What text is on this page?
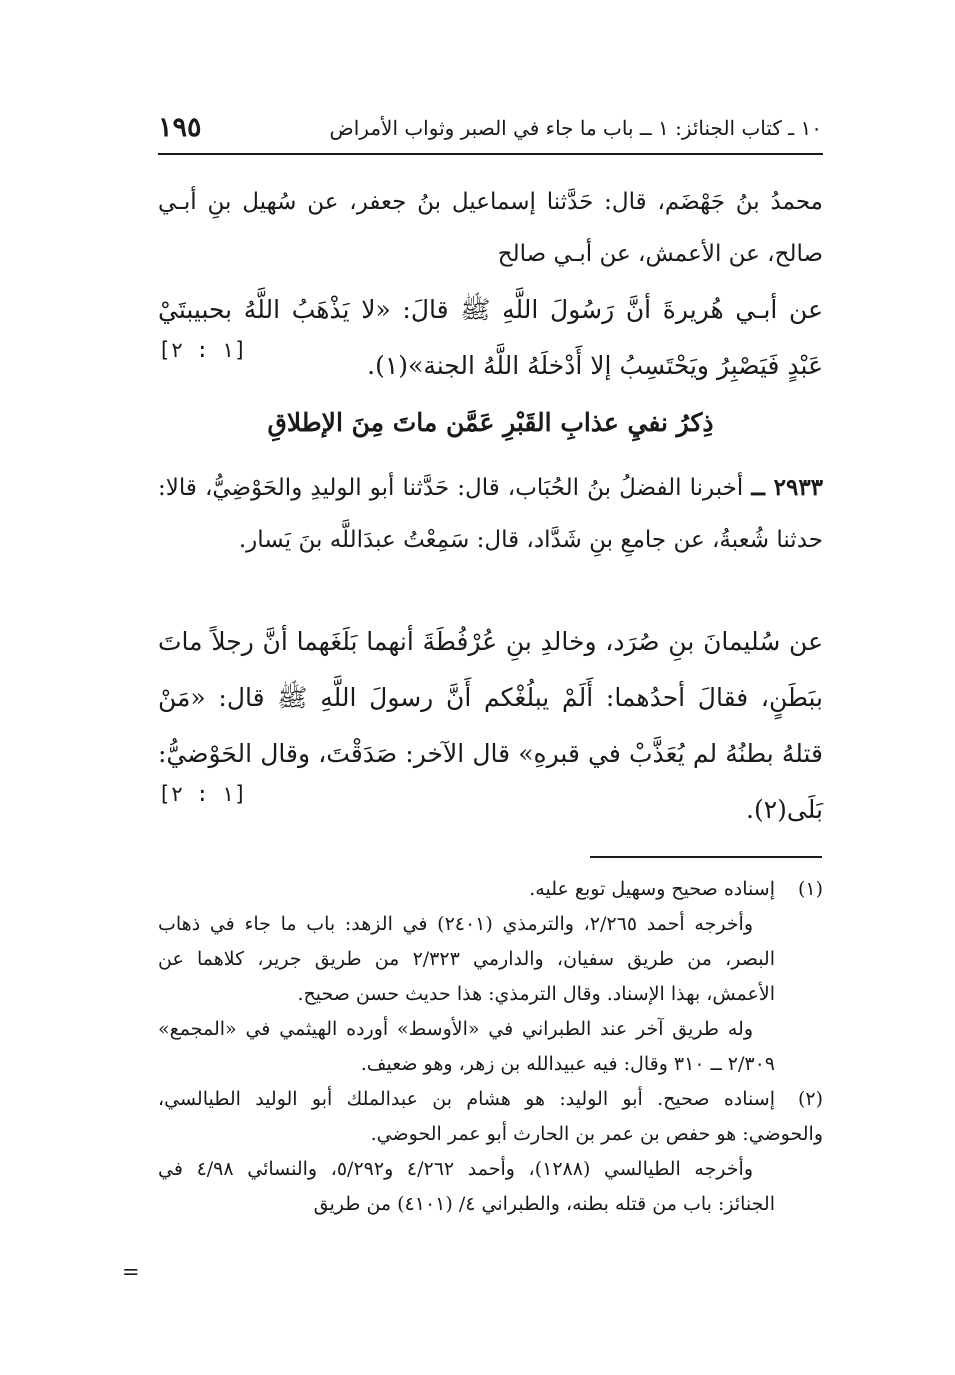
١٩٥	١٠ ـ كتاب الجنائز: ١ ــ باب ما جاء في الصبر وثواب الأمراض

محمدُ بنُ جَهْضَم، قال: حَدَّثنا إسماعيل بنُ جعفر، عن سُهيل بنِ أبـي صالح، عن الأعمش، عن أبـي صالح

عن أبـي هُريرةَ أنَّ رَسُولَ اللَّهِ ﷺ قالَ: «لا يَذْهَبُ اللَّهُ بحبيبتَيْ عَبْدٍ فَيَصْبِرُ ويَحْتَسِبُ إلا أَدْخلَهُ اللَّهُ الجنة»(١).
[١ : ٢]

ذِكرُ نفيِ عذابِ القَبْرِ عَمَّن ماتَ مِنَ الإطلاقِ

٢٩٣٣ ــ أخبرنا الفضلُ بنُ الحُبَاب، قال: حَدَّثنا أبو الوليدِ والحَوْضِيُّ، قالا: حدثنا شُعبةُ، عن جامعِ بنِ شَدَّاد، قال: سَمِعْتُ عبدَاللَّه بنَ يَسار.

عن سُليمانَ بنِ صُرَد، وخالدِ بنِ عُرْفُطَةَ أنهما بَلَغَهما أنَّ رجلاً ماتَ ببَطَنٍ، فقالَ أحدُهما: أَلَمْ يبلُغْكم أَنَّ رسولَ اللَّهِ ﷺ قال: «مَنْ قتلهُ بطنُهُ لم يُعَذَّبْ في قبرهِ» قال الآخر: صَدَقْتَ، وقال الحَوْضيُّ: بَلَى(٢).
[١ : ٢]

(١)إسناده صحيح وسهيل توبع عليه.

وأخرجه أحمد ٢/٢٦٥، والترمذي (٢٤٠١) في الزهد: باب ما جاء في ذهاب البصر، من طريق سفيان، والدارمي ٢/٣٢٣ من طريق جرير، كلاهما عن الأعمش، بهذا الإسناد. وقال الترمذي: هذا حديث حسن صحيح.

وله طريق آخر عند الطبراني في «الأوسط» أورده الهيثمي في «المجمع» ٢/٣٠٩ ــ ٣١٠ وقال: فيه عبيدالله بن زهر، وهو ضعيف.

(٢)إسناده صحيح. أبو الوليد: هو هشام بن عبدالملك أبو الوليد الطيالسي، والحوضي: هو حفص بن عمر بن الحارث أبو عمر الحوضي.

وأخرجه الطيالسي (١٢٨٨)، وأحمد ٤/٢٦٢ و٥/٢٩٢، والنسائي ٤/٩٨ في الجنائز: باب من قتله بطنه، والطبراني ٤/ (٤١٠١) من طريق

=
